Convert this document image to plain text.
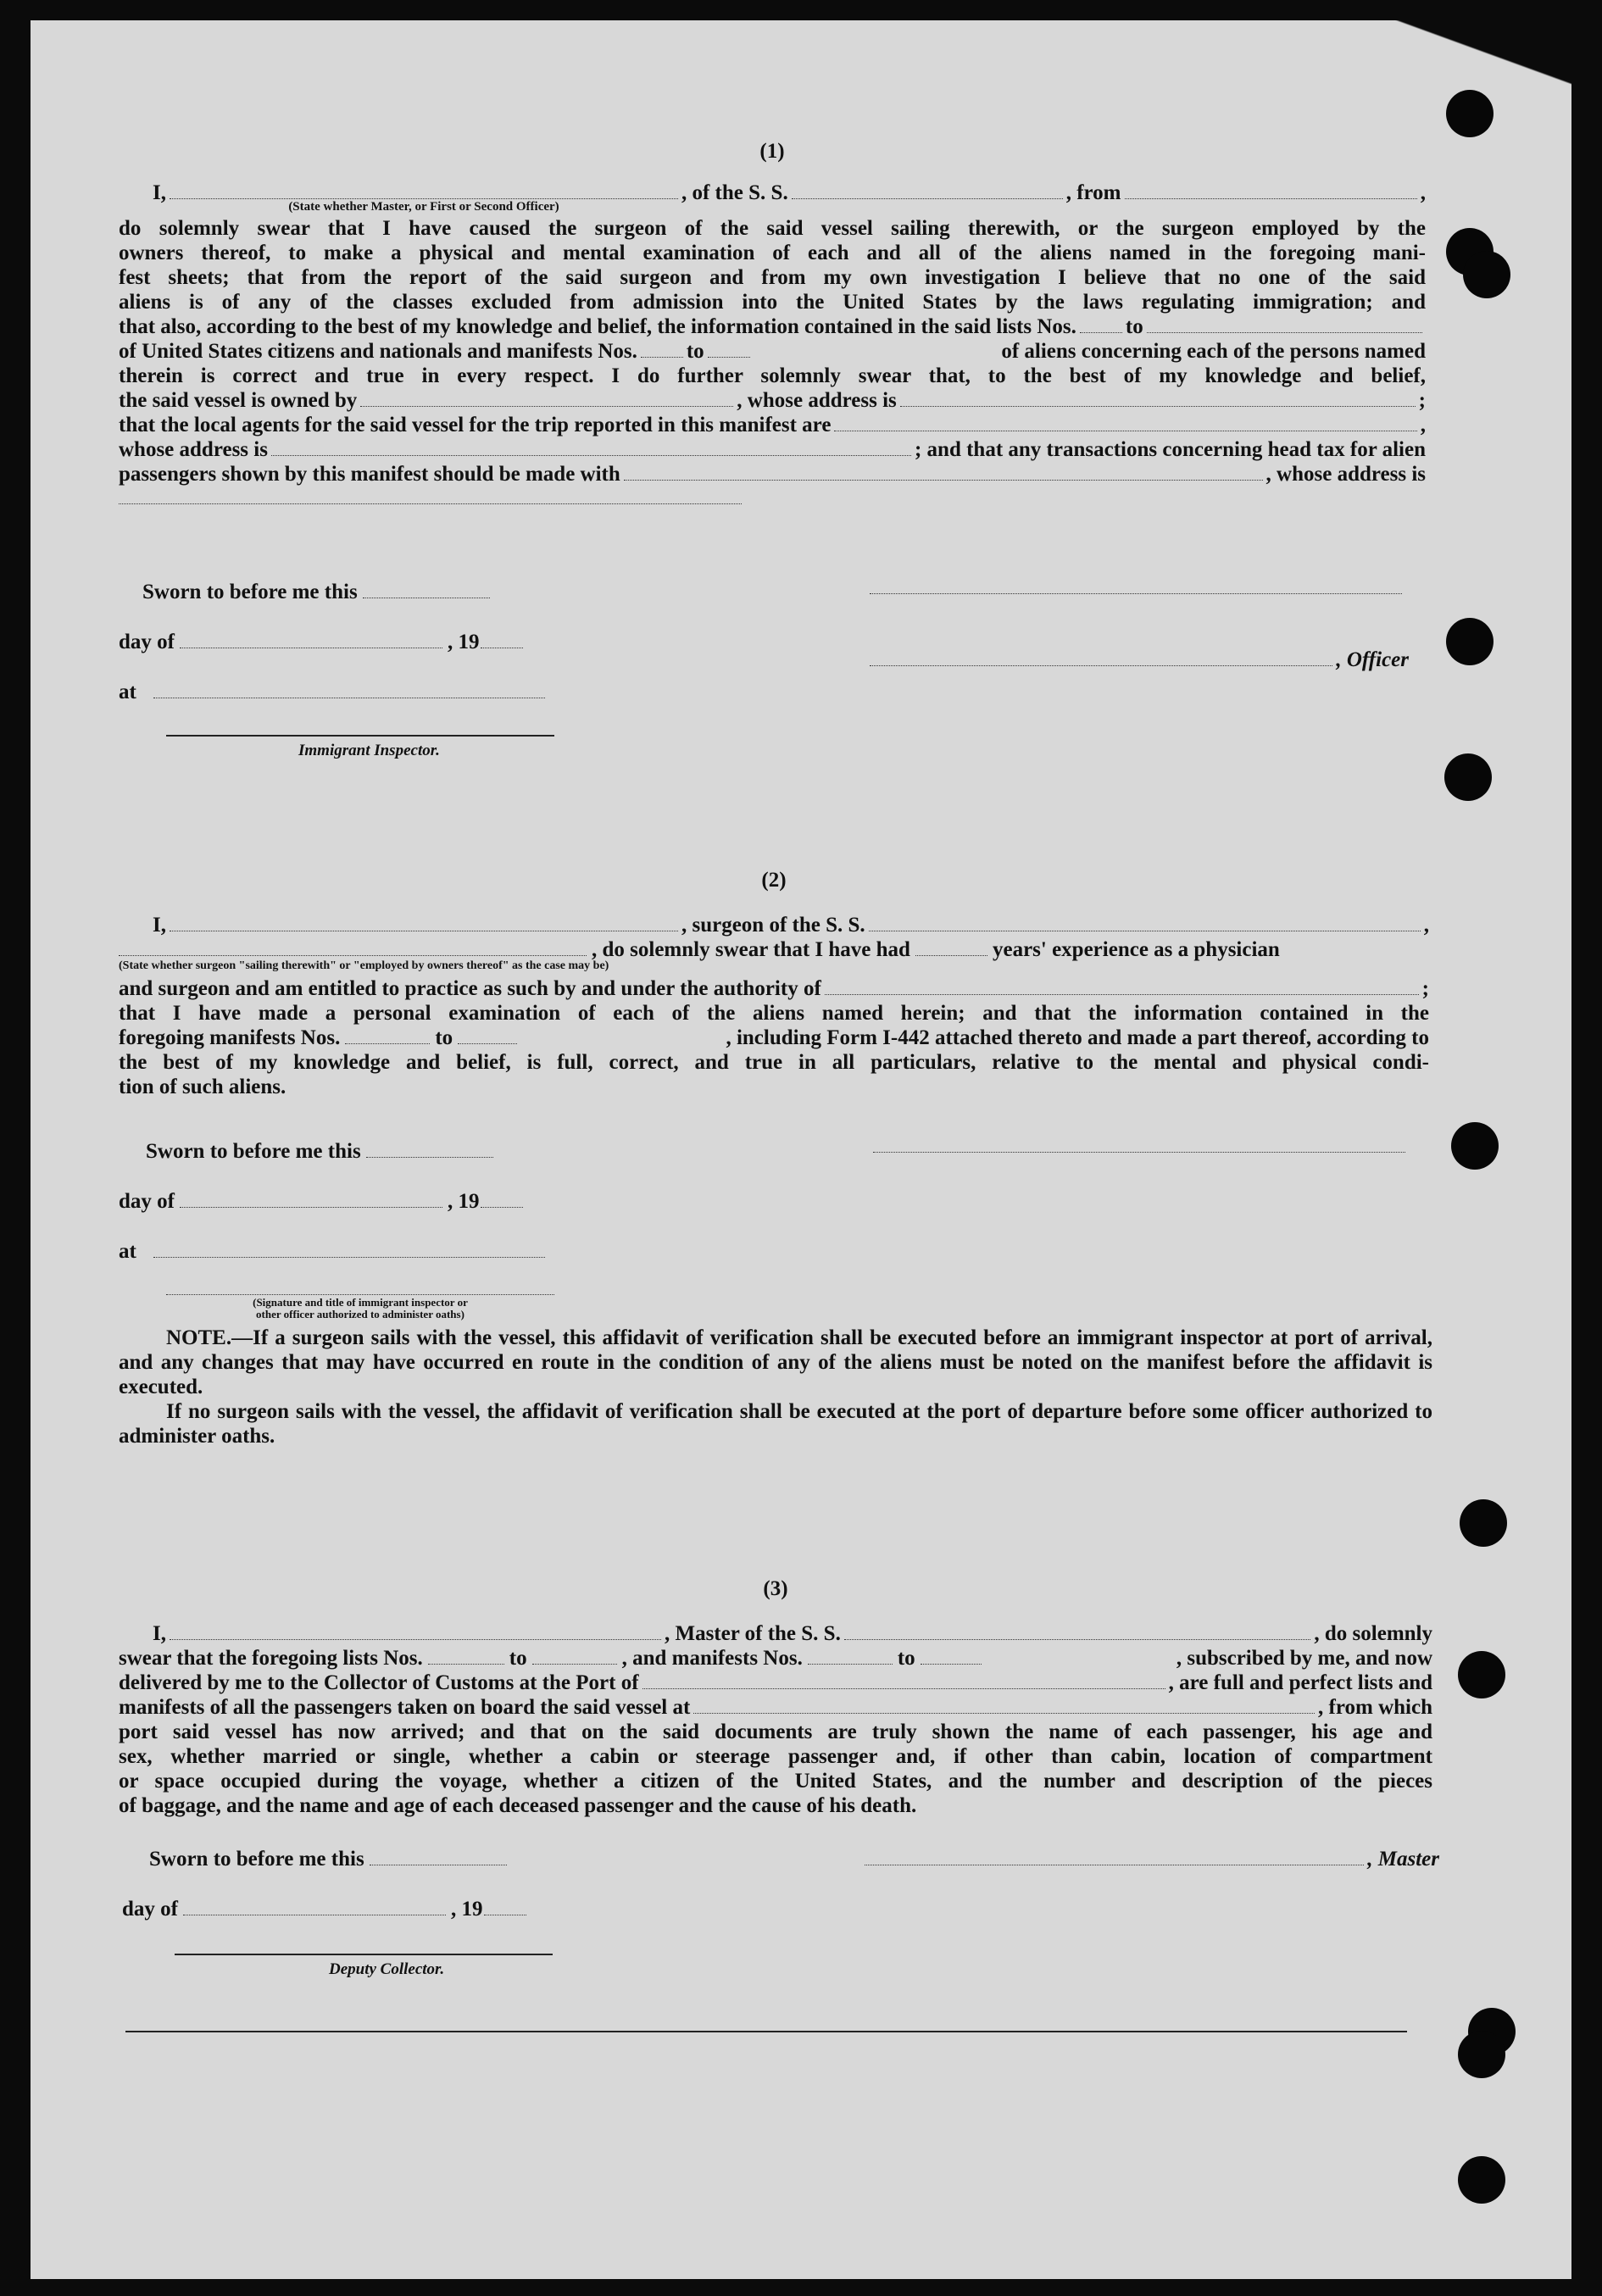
(1)
I,	, of the S. S.	, from	,
(State whether Master, or First or Second Officer)

do solemnly swear that I have caused the surgeon of the said vessel sailing therewith, or the surgeon employed by the

owners thereof, to make a physical and mental examination of each and all of the aliens named in the foregoing mani-

fest sheets; that from the report of the said surgeon and from my own investigation I believe that no one of the said

aliens is of any of the classes excluded from admission into the United States by the laws regulating immigration; and

that also, according to the best of my knowledge and belief, the information contained in the said lists Nos. to
of United States citizens and nationals and manifests Nos. to	of aliens concerning each of the persons named

therein is correct and true in every respect. I do further solemnly swear that, to the best of my knowledge and belief,

the said vessel is owned by	, whose address is	;
that the local agents for the said vessel for the trip reported in this manifest are	,
whose address is	; and that any transactions concerning head tax for alien
passengers shown by this manifest should be made with	, whose address is
Sworn to before me this
day of	, 19
at
Immigrant Inspector.
, Officer
(2)
I,	, surgeon of the S. S.	,
, do solemnly swear that I have had	years' experience as a physician
(State whether surgeon "sailing therewith" or "employed by owners thereof" as the case may be)
and surgeon and am entitled to practice as such by and under the authority of	;

that I have made a personal examination of each of the aliens named herein; and that the information contained in the

foregoing manifests Nos.	to	, including Form I-442 attached thereto and made a part thereof, according to

the best of my knowledge and belief, is full, correct, and true in all particulars, relative to the mental and physical condi-

tion of such aliens.
Sworn to before me this
day of	, 19
at
(Signature and title of immigrant inspector or
other officer authorized to administer oaths)

NOTE.—If a surgeon sails with the vessel, this affidavit of verification shall be executed before an immigrant inspector at port of arrival, and any changes that may have occurred en route in the condition of any of the aliens must be noted on the manifest before the affidavit is executed.

If no surgeon sails with the vessel, the affidavit of verification shall be executed at the port of departure before some officer authorized to administer oaths.

(3)
I,	, Master of the S. S.	, do solemnly
swear that the foregoing lists Nos.	to	, and manifests Nos.	to	, subscribed by me, and now
delivered by me to the Collector of Customs at the Port of	, are full and perfect lists and
manifests of all the passengers taken on board the said vessel at	, from which

port said vessel has now arrived; and that on the said documents are truly shown the name of each passenger, his age and

sex, whether married or single, whether a cabin or steerage passenger and, if other than cabin, location of compartment

or space occupied during the voyage, whether a citizen of the United States, and the number and description of the pieces

of baggage, and the name and age of each deceased passenger and the cause of his death.
Sworn to before me this
day of	, 19
Deputy Collector.
, Master
